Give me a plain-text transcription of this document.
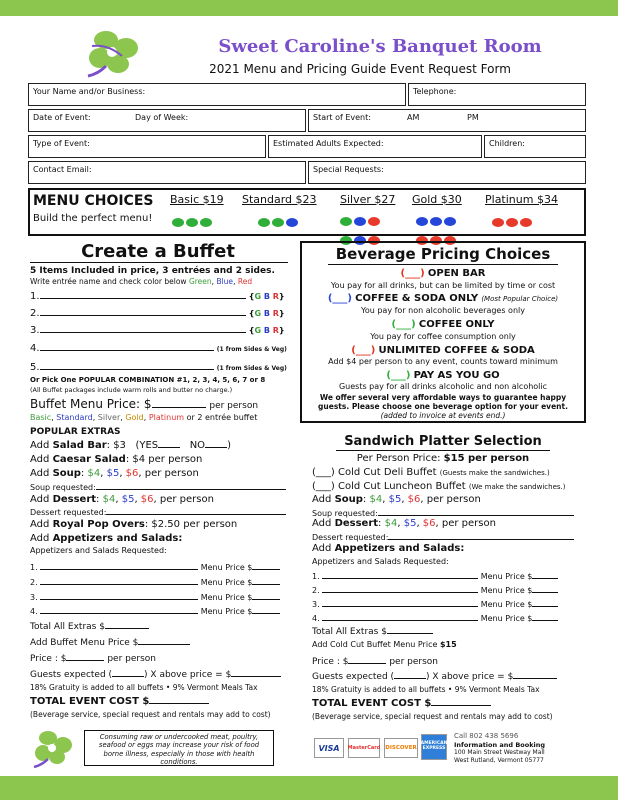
Sweet Caroline's Banquet Room
2021 Menu and Pricing Guide Event Request Form
Your Name and/or Business:	Telephone:
Date of Event:	Day of Week:	Start of Event:	AM	PM
Type of Event:	Estimated Adults Expected:	Children:
Contact Email:	Special Requests:
MENU CHOICES
Build the perfect menu!
Basic $19 Standard $23 Silver $27 Gold $30 Platinum $34

Create a Buffet
5 Items Included in price, 3 entrées and 2 sides.
Write entrée name and check color below Green, Blue, Red
1.	{G B R}
2.	{G B R}
3.	{G B R}
4.	(1 from Sides & Veg)
5.	(1 from Sides & Veg)
Or Pick One POPULAR COMBINATION #1, 2, 3, 4, 5, 6, 7 or 8
(All Buffet packages include warm rolls and butter no charge.)
Buffet Menu Price: $	per person
Basic, Standard, Silver, Gold, Platinum or 2 entrée buffet
POPULAR EXTRAS
Add Salad Bar: $3 (YES	NO )
Add Caesar Salad: $4 per person
Add Soup: $4, $5, $6, per person
Soup requested:
Add Dessert: $4, $5, $6, per person
Dessert requested:
Add Royal Pop Overs: $2.50 per person
Add Appetizers and Salads:
Appetizers and Salads Requested:
1.	Menu Price $
2.	Menu Price $
3.	Menu Price $
4.	Menu Price $
Total All Extras $
Add Buffet Menu Price $
Price : $	per person
Guests expected (	) X above price = $
18% Gratuity is added to all buffets • 9% Vermont Meals Tax
TOTAL EVENT COST $
(Beverage service, special request and rentals may add to cost)
Beverage Pricing Choices
(___) OPEN BAR
You pay for all drinks, but can be limited by time or cost
(___) COFFEE & SODA ONLY (Most Popular Choice)
You pay for non alcoholic beverages only
(___) COFFEE ONLY
You pay for coffee consumption only
(___) UNLIMITED COFFEE & SODA
Add $4 per person to any event, counts toward minimum
(___) PAY AS YOU GO
Guests pay for all drinks alcoholic and non alcoholic
We offer several very affordable ways to guarantee happy
guests. Please choose one beverage option for your event.
(added to invoice at events end.)
Sandwich Platter Selection
Per Person Price: $15 per person
(___) Cold Cut Deli Buffet (Guests make the sandwiches.)
(___) Cold Cut Luncheon Buffet (We make the sandwiches.)
Add Soup: $4, $5, $6, per person
Soup requested:
Add Dessert: $4, $5, $6, per person
Dessert requested:
Add Appetizers and Salads:
Appetizers and Salads Requested:
1.	Menu Price $
2.	Menu Price $
3.	Menu Price $
4.	Menu Price $
Total All Extras $
Add Cold Cut Buffet Menu Price $15
Price : $	per person
Guests expected (	) X above price = $
18% Gratuity is added to all buffets • 9% Vermont Meals Tax
TOTAL EVENT COST $
(Beverage service, special request and rentals may add to cost)
Consuming raw or undercooked meat, poultry, seafood or eggs may increase your risk of food borne illness, especially in those with health conditions.
VISA	MasterCard DISCOVER
AMERICAN EXPRESS
Call 802 438 5696
Information and Booking
100 Main Street Westway Mall
West Rutland, Vermont 05777
